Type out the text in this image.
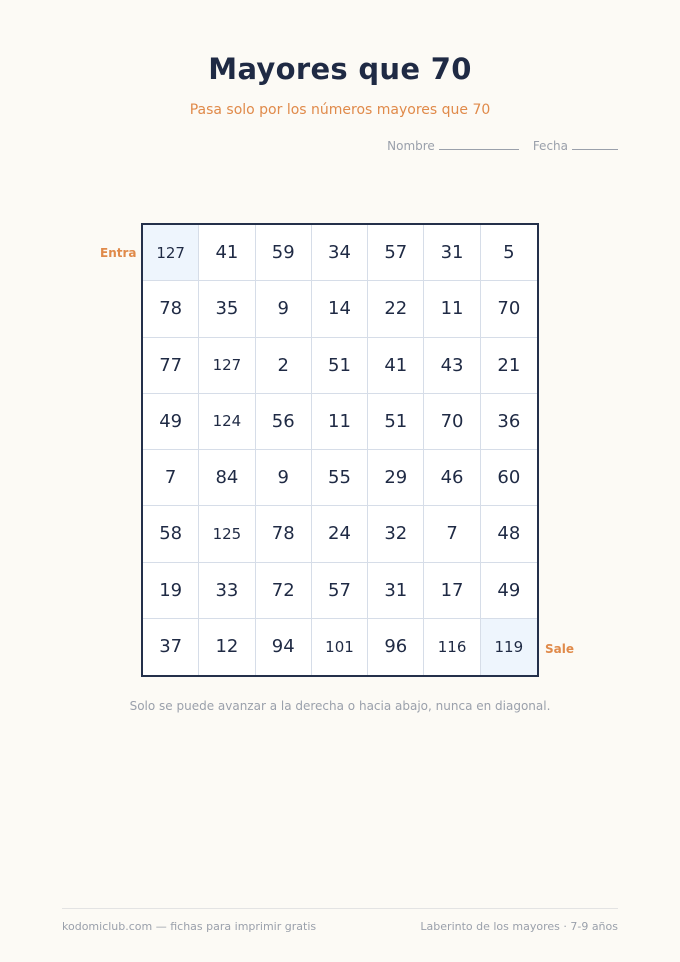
Mayores que 70
Pasa solo por los números mayores que 70
Nombre	Fecha
Entra	127	41	59	34	57	31	5
78	35	9	14	22	11	70
77	127	2	51	41	43	21
49	124	56	11	51	70	36
7	84	9	55	29	46	60
58	125	78	24	32	7	48
19	33	72	57	31	17	49
37	12	94	101	96	116	119	Sale
Solo se puede avanzar a la derecha o hacia abajo, nunca en diagonal.
kodomiclub.com — fichas para imprimir gratis	Laberinto de los mayores · 7-9 años
